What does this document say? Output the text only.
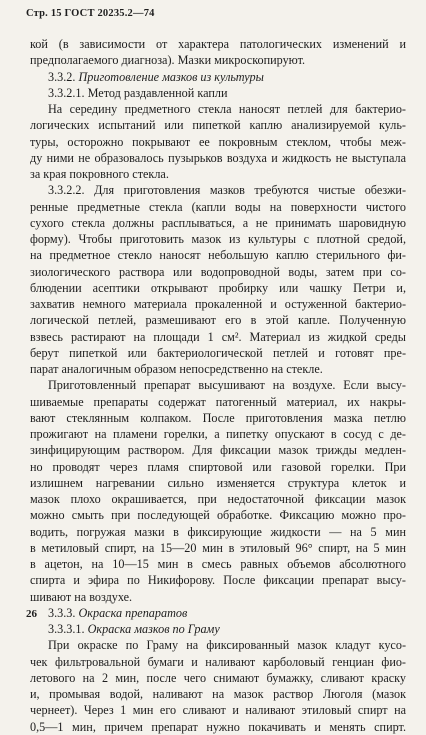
Стр. 15 ГОСТ 20235.2—74
кой (в зависимости от характера патологических изменений и
предполагаемого диагноза). Мазки микроскопируют.
3.3.2. Приготовление мазков из культуры
3.3.2.1. Метод раздавленной капли
На середину предметного стекла наносят петлей для бактерио-
логических испытаний или пипеткой каплю анализируемой куль-
туры, осторожно покрывают ее покровным стеклом, чтобы меж-
ду ними не образовалось пузырьков воздуха и жидкость не выступала
за края покровного стекла.
3.3.2.2. Для приготовления мазков требуются чистые обезжи-
ренные предметные стекла (капли воды на поверхности чистого
сухого стекла должны расплываться, а не принимать шаровидную
форму). Чтобы приготовить мазок из культуры с плотной средой,
на предметное стекло наносят небольшую каплю стерильного фи-
зиологического раствора или водопроводной воды, затем при со-
блюдении асептики открывают пробирку или чашку Петри и,
захватив немного материала прокаленной и остуженной бактерио-
логической петлей, размешивают его в этой капле. Полученную
взвесь растирают на площади 1 см². Материал из жидкой среды
берут пипеткой или бактериологической петлей и готовят пре-
парат аналогичным образом непосредственно на стекле.
Приготовленный препарат высушивают на воздухе. Если высу-
шиваемые препараты содержат патогенный материал, их накры-
вают стеклянным колпаком. После приготовления мазка петлю
прожигают на пламени горелки, а пипетку опускают в сосуд с де-
зинфицирующим раствором. Для фиксации мазок трижды медлен-
но проводят через пламя спиртовой или газовой горелки. При
излишнем нагревании сильно изменяется структура клеток и
мазок плохо окрашивается, при недостаточной фиксации мазок
можно смыть при последующей обработке. Фиксацию можно про-
водить, погружая мазки в фиксирующие жидкости — на 5 мин
в метиловый спирт, на 15—20 мин в этиловый 96° спирт, на 5 мин
в ацетон, на 10—15 мин в смесь равных объемов абсолютного
спирта и эфира по Никифорову. После фиксации препарат высу-
шивают на воздухе.
3.3.3. Окраска препаратов
3.3.3.1. Окраска мазков по Граму
При окраске по Граму на фиксированный мазок кладут кусо-
чек фильтровальной бумаги и наливают карболовый генциан фио-
летового на 2 мин, после чего снимают бумажку, сливают краску
и, промывая водой, наливают на мазок раствор Люголя (мазок
чернеет). Через 1 мин его сливают и наливают этиловый спирт на
0,5—1 мин, причем препарат нужно покачивать и менять спирт.
26
